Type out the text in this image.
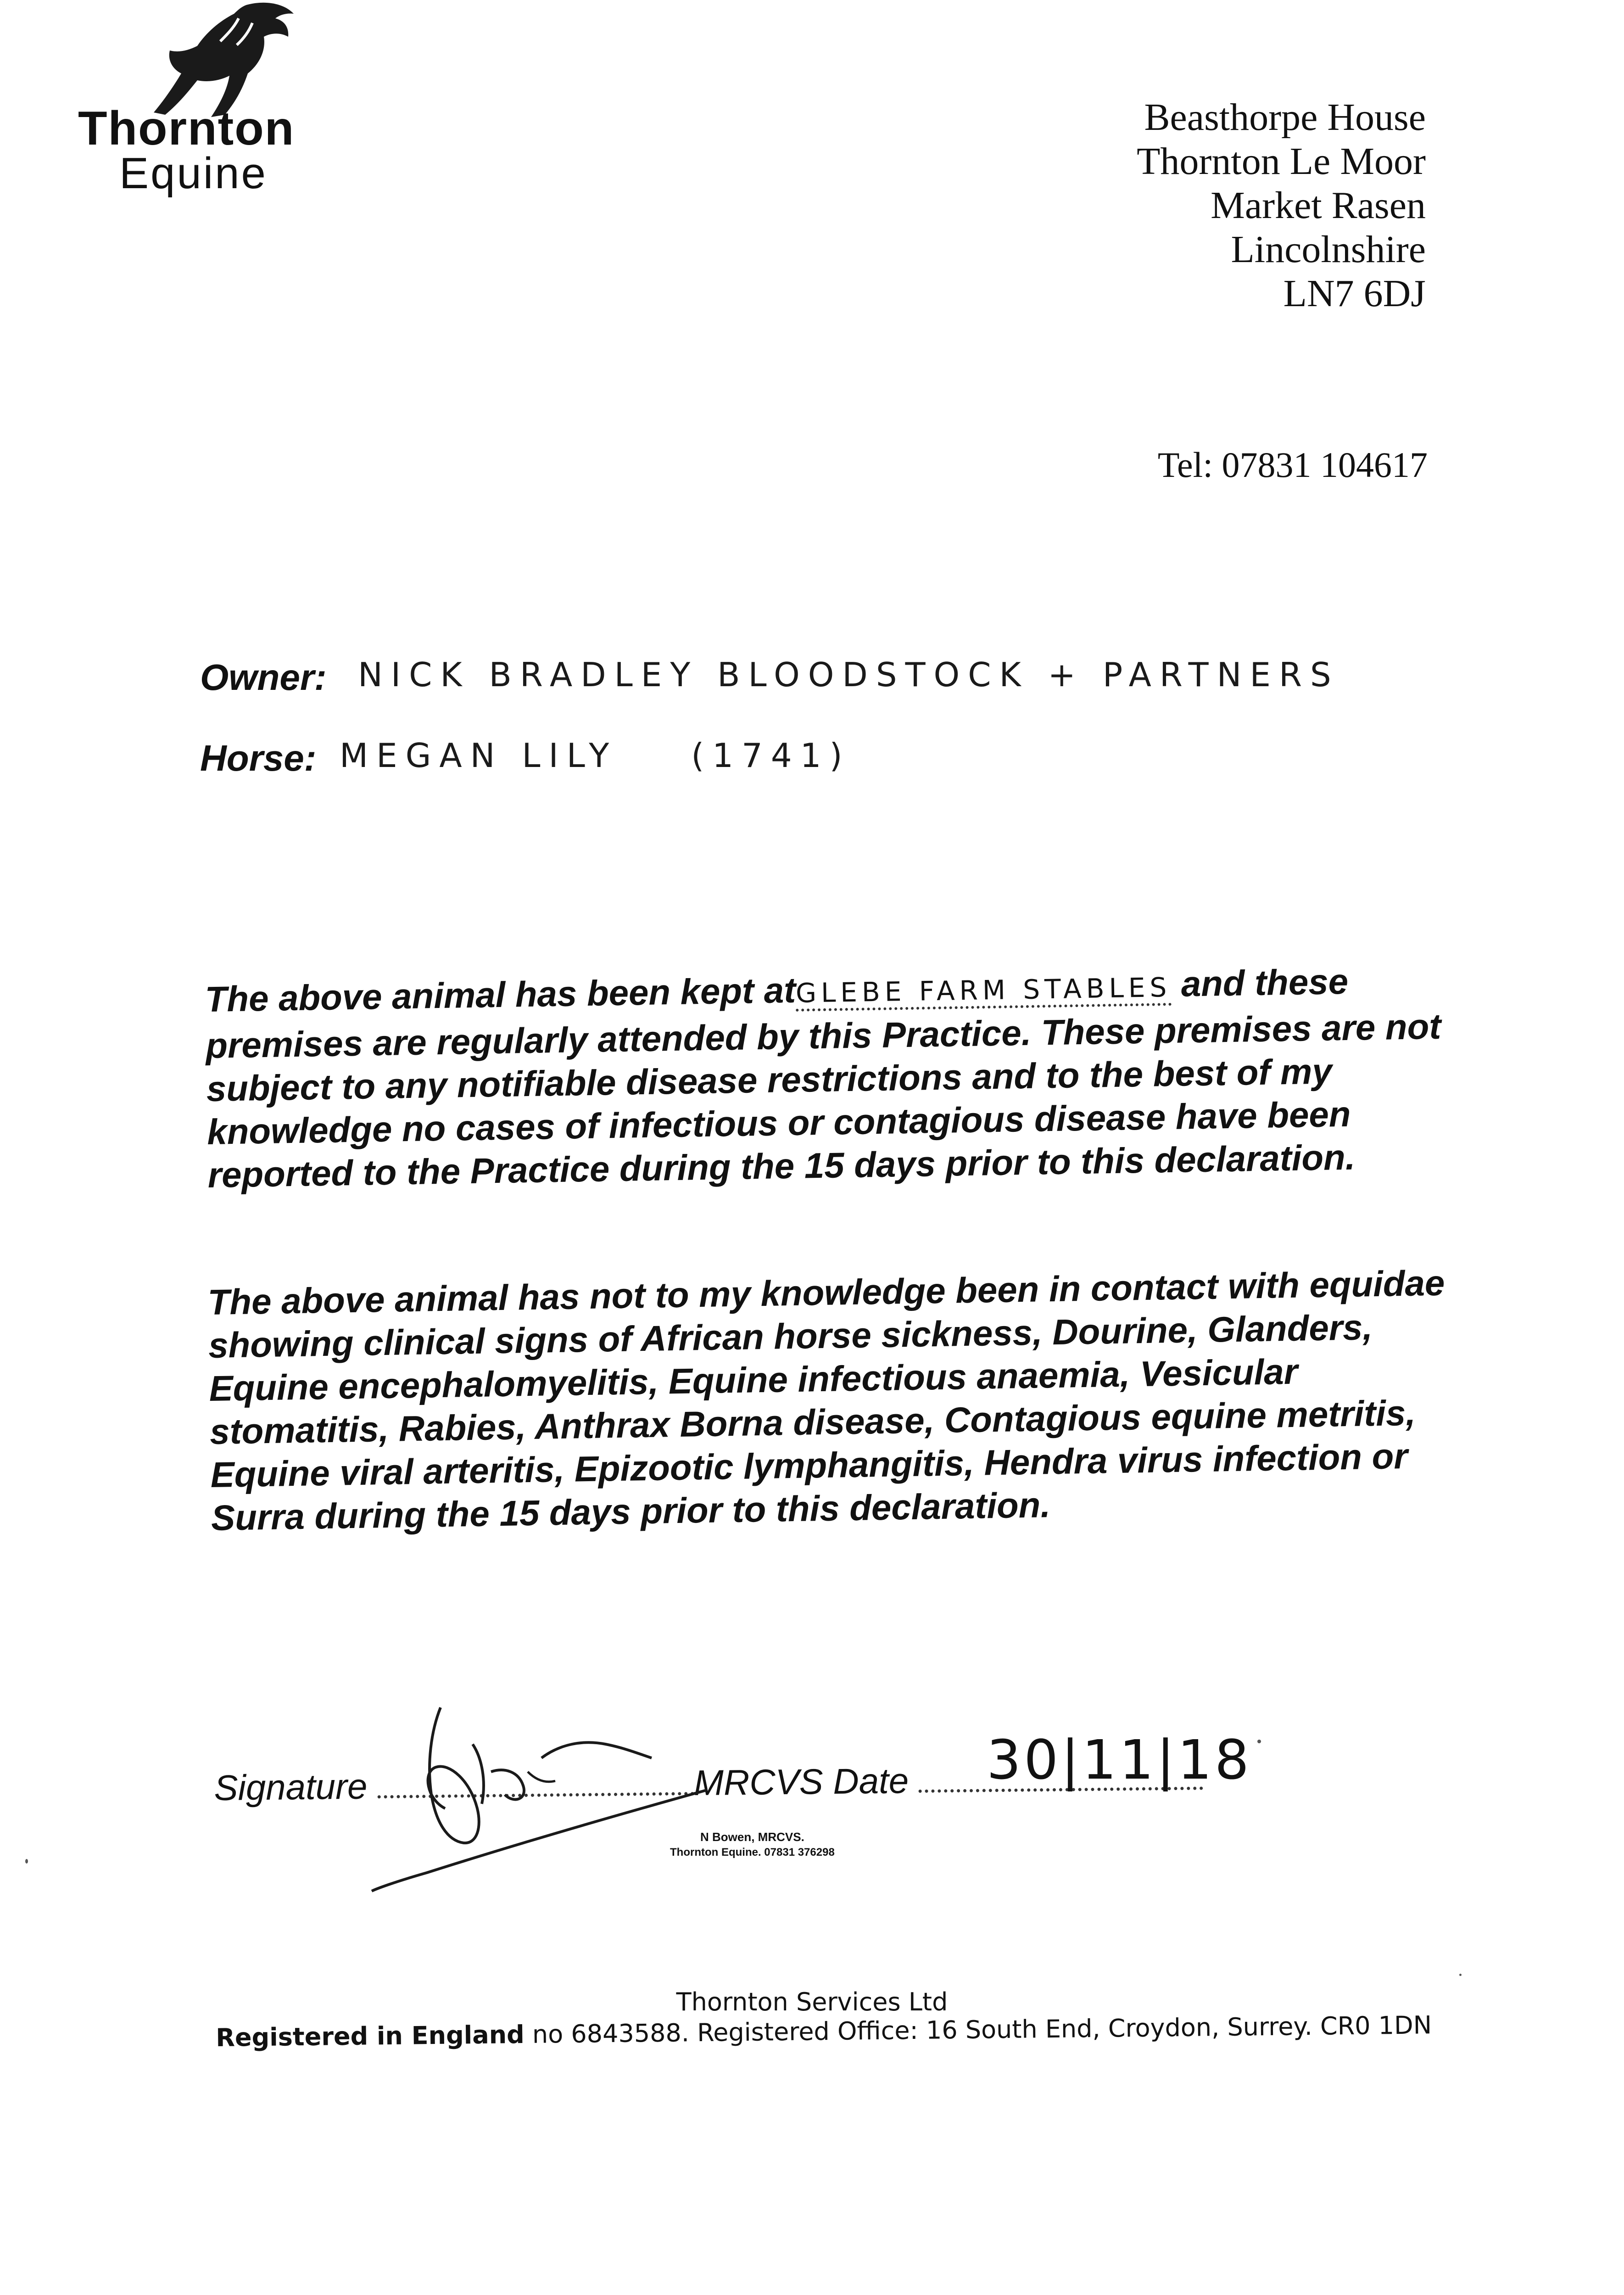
Thornton
Equine
Beasthorpe House
Thornton Le Moor
Market Rasen
Lincolnshire
LN7 6DJ
Tel: 07831 104617
Owner: NICK BRADLEY BLOODSTOCK + PARTNERS
Horse: MEGAN LILY (1741)
The above animal has been kept atGLEBE FARM STABLES and these premises are regularly attended by this Practice. These premises are not subject to any notifiable disease restrictions and to the best of my knowledge no cases of infectious or contagious disease have been reported to the Practice during the 15 days prior to this declaration.
The above animal has not to my knowledge been in contact with equidae showing clinical signs of African horse sickness, Dourine, Glanders, Equine encephalomyelitis, Equine infectious anaemia, Vesicular stomatitis, Rabies, Anthrax Borna disease, Contagious equine metritis, Equine viral arteritis, Epizootic lymphangitis, Hendra virus infection or Surra during the 15 days prior to this declaration.
Signature	MRCVS Date	30|11|18
N Bowen, MRCVS.
Thornton Equine. 07831 376298
Thornton Services Ltd
Registered in England no 6843588. Registered Office: 16 South End, Croydon, Surrey. CR0 1DN
